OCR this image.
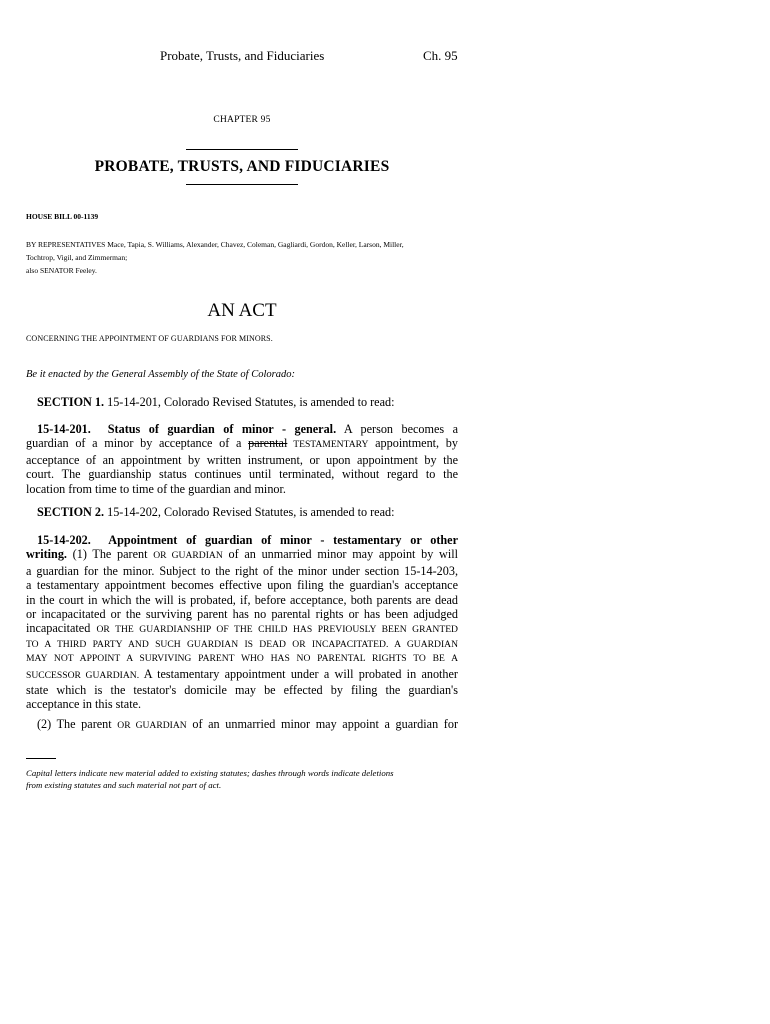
Probate, Trusts, and Fiduciaries	Ch. 95
CHAPTER 95
PROBATE, TRUSTS, AND FIDUCIARIES
HOUSE BILL 00-1139
BY REPRESENTATIVES Mace, Tapia, S. Williams, Alexander, Chavez, Coleman, Gagliardi, Gordon, Keller, Larson, Miller,
Tochtrop, Vigil, and Zimmerman;
also SENATOR Feeley.
AN ACT
CONCERNING THE APPOINTMENT OF GUARDIANS FOR MINORS.
Be it enacted by the General Assembly of the State of Colorado:
SECTION 1. 15-14-201, Colorado Revised Statutes, is amended to read:
15-14-201. Status of guardian of minor - general. A person becomes a
guardian of a minor by acceptance of a parental TESTAMENTARY appointment, by
acceptance of an appointment by written instrument, or upon appointment by the
court. The guardianship status continues until terminated, without regard to the
location from time to time of the guardian and minor.
SECTION 2. 15-14-202, Colorado Revised Statutes, is amended to read:
15-14-202. Appointment of guardian of minor - testamentary or other
writing. (1) The parent OR GUARDIAN of an unmarried minor may appoint by will
a guardian for the minor. Subject to the right of the minor under section 15-14-203,
a testamentary appointment becomes effective upon filing the guardian's acceptance
in the court in which the will is probated, if, before acceptance, both parents are dead
or incapacitated or the surviving parent has no parental rights or has been adjudged
incapacitated OR THE GUARDIANSHIP OF THE CHILD HAS PREVIOUSLY BEEN GRANTED
TO A THIRD PARTY AND SUCH GUARDIAN IS DEAD OR INCAPACITATED. A GUARDIAN
MAY NOT APPOINT A SURVIVING PARENT WHO HAS NO PARENTAL RIGHTS TO BE A
SUCCESSOR GUARDIAN. A testamentary appointment under a will probated in another
state which is the testator's domicile may be effected by filing the guardian's
acceptance in this state.
(2) The parent OR GUARDIAN of an unmarried minor may appoint a guardian for
Capital letters indicate new material added to existing statutes; dashes through words indicate deletions
from existing statutes and such material not part of act.
